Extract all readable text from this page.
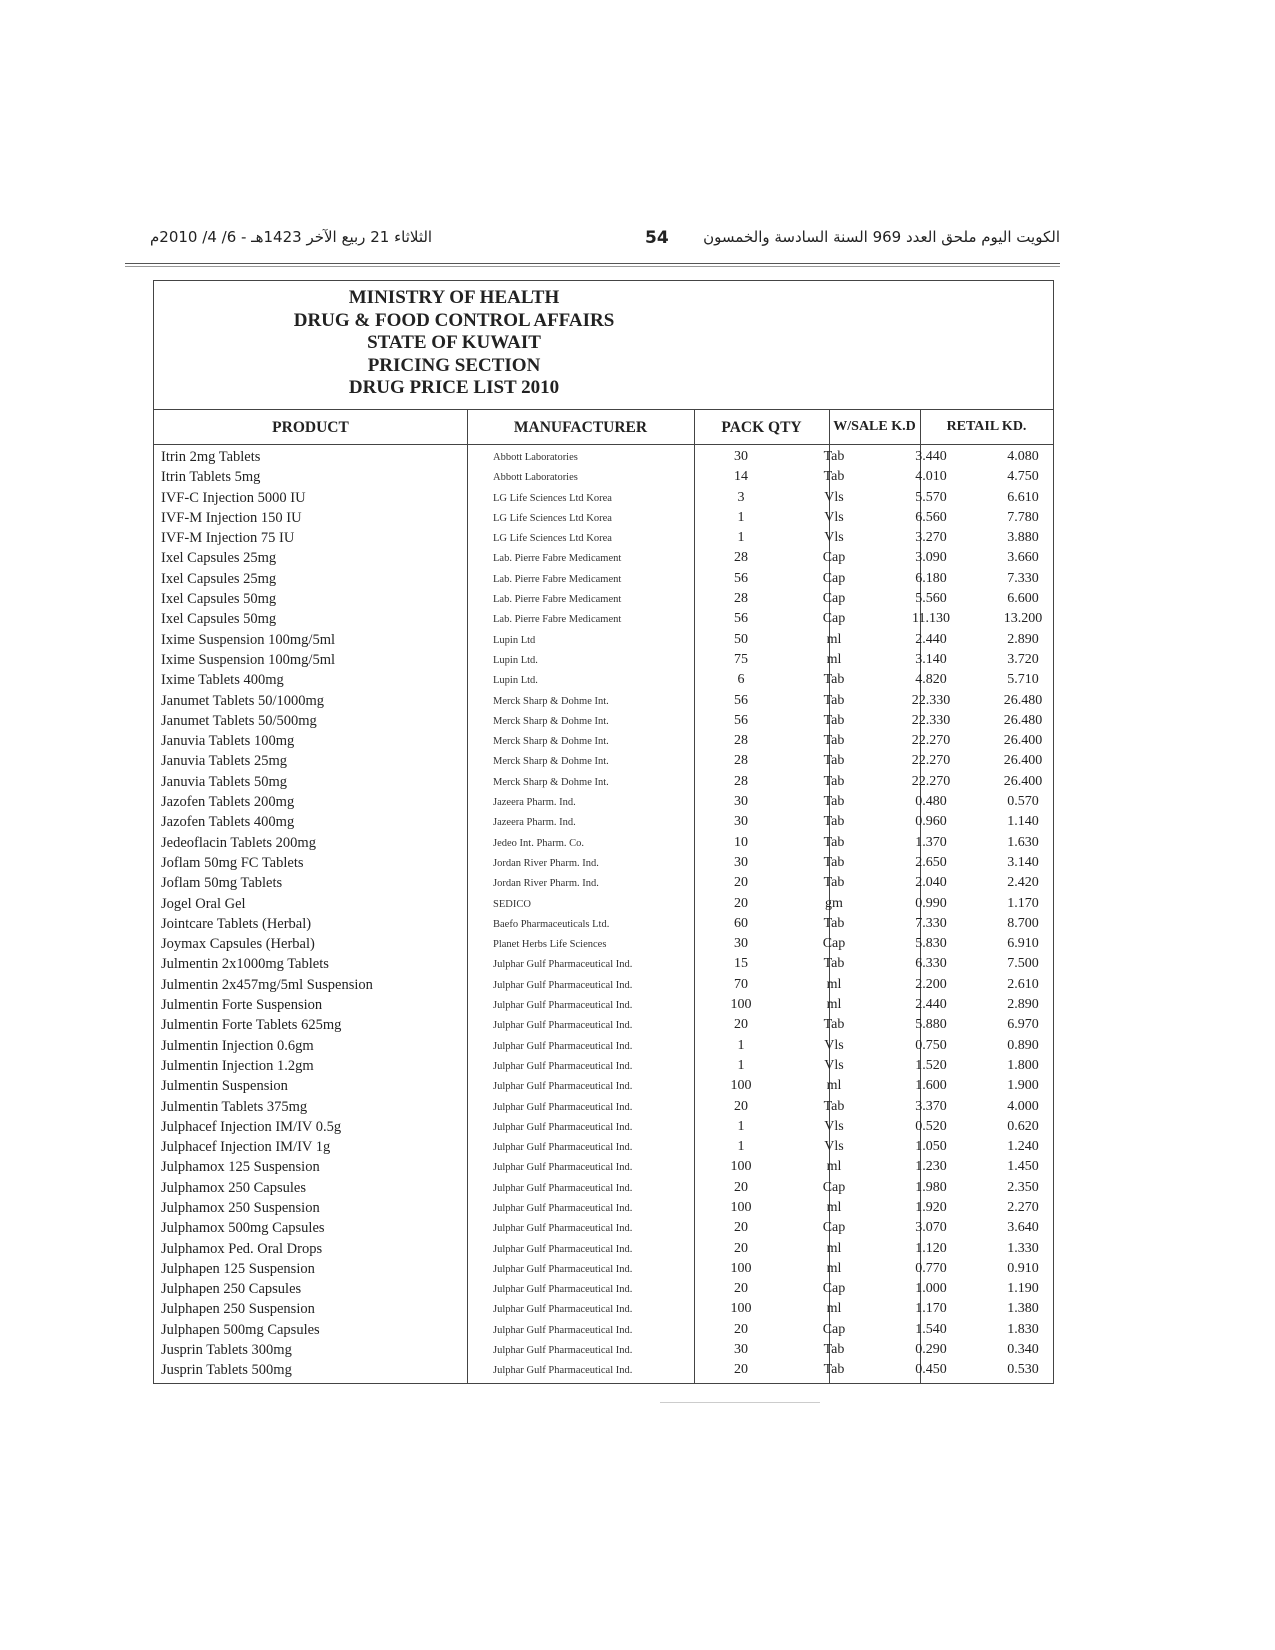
الثلاثاء 21 ربيع الآخر 1423هـ - 6/ 4/ 2010م	54 الكويت اليوم ملحق العدد 969 السنة السادسة والخمسون
MINISTRY OF HEALTH
DRUG & FOOD CONTROL AFFAIRS
STATE OF KUWAIT
PRICING SECTION
DRUG PRICE LIST 2010
PRODUCT	MANUFACTURER	PACK QTY	W/SALE K.D	RETAIL KD.
Itrin 2mg Tablets	Abbott Laboratories	30	Tab	3.440	4.080
Itrin Tablets 5mg	Abbott Laboratories	14	Tab	4.010	4.750
IVF-C Injection 5000 IU	LG Life Sciences Ltd Korea	3	Vls	5.570	6.610
IVF-M Injection 150 IU	LG Life Sciences Ltd Korea	1	Vls	6.560	7.780
IVF-M Injection 75 IU	LG Life Sciences Ltd Korea	1	Vls	3.270	3.880
Ixel Capsules 25mg	Lab. Pierre Fabre Medicament	28	Cap	3.090	3.660
Ixel Capsules 25mg	Lab. Pierre Fabre Medicament	56	Cap	6.180	7.330
Ixel Capsules 50mg	Lab. Pierre Fabre Medicament	28	Cap	5.560	6.600
Ixel Capsules 50mg	Lab. Pierre Fabre Medicament	56	Cap	11.130	13.200
Ixime Suspension 100mg/5ml	Lupin Ltd	50	ml	2.440	2.890
Ixime Suspension 100mg/5ml	Lupin Ltd.	75	ml	3.140	3.720
Ixime Tablets 400mg	Lupin Ltd.	6	Tab	4.820	5.710
Janumet Tablets 50/1000mg	Merck Sharp & Dohme Int.	56	Tab	22.330	26.480
Janumet Tablets 50/500mg	Merck Sharp & Dohme Int.	56	Tab	22.330	26.480
Januvia Tablets 100mg	Merck Sharp & Dohme Int.	28	Tab	22.270	26.400
Januvia Tablets 25mg	Merck Sharp & Dohme Int.	28	Tab	22.270	26.400
Januvia Tablets 50mg	Merck Sharp & Dohme Int.	28	Tab	22.270	26.400
Jazofen Tablets 200mg	Jazeera Pharm. Ind.	30	Tab	0.480	0.570
Jazofen Tablets 400mg	Jazeera Pharm. Ind.	30	Tab	0.960	1.140
Jedeoflacin Tablets 200mg	Jedeo Int. Pharm. Co.	10	Tab	1.370	1.630
Joflam 50mg FC Tablets	Jordan River Pharm. Ind.	30	Tab	2.650	3.140
Joflam 50mg Tablets	Jordan River Pharm. Ind.	20	Tab	2.040	2.420
Jogel Oral Gel	SEDICO	20	gm	0.990	1.170
Jointcare Tablets (Herbal)	Baefo Pharmaceuticals Ltd.	60	Tab	7.330	8.700
Joymax Capsules (Herbal)	Planet Herbs Life Sciences	30	Cap	5.830	6.910
Julmentin 2x1000mg Tablets	Julphar Gulf Pharmaceutical Ind.	15	Tab	6.330	7.500
Julmentin 2x457mg/5ml Suspension	Julphar Gulf Pharmaceutical Ind.	70	ml	2.200	2.610
Julmentin Forte Suspension	Julphar Gulf Pharmaceutical Ind.	100	ml	2.440	2.890
Julmentin Forte Tablets 625mg	Julphar Gulf Pharmaceutical Ind.	20	Tab	5.880	6.970
Julmentin Injection 0.6gm	Julphar Gulf Pharmaceutical Ind.	1	Vls	0.750	0.890
Julmentin Injection 1.2gm	Julphar Gulf Pharmaceutical Ind.	1	Vls	1.520	1.800
Julmentin Suspension	Julphar Gulf Pharmaceutical Ind.	100	ml	1.600	1.900
Julmentin Tablets 375mg	Julphar Gulf Pharmaceutical Ind.	20	Tab	3.370	4.000
Julphacef Injection IM/IV 0.5g	Julphar Gulf Pharmaceutical Ind.	1	Vls	0.520	0.620
Julphacef Injection IM/IV 1g	Julphar Gulf Pharmaceutical Ind.	1	Vls	1.050	1.240
Julphamox 125 Suspension	Julphar Gulf Pharmaceutical Ind.	100	ml	1.230	1.450
Julphamox 250 Capsules	Julphar Gulf Pharmaceutical Ind.	20	Cap	1.980	2.350
Julphamox 250 Suspension	Julphar Gulf Pharmaceutical Ind.	100	ml	1.920	2.270
Julphamox 500mg Capsules	Julphar Gulf Pharmaceutical Ind.	20	Cap	3.070	3.640
Julphamox Ped. Oral Drops	Julphar Gulf Pharmaceutical Ind.	20	ml	1.120	1.330
Julphapen 125 Suspension	Julphar Gulf Pharmaceutical Ind.	100	ml	0.770	0.910
Julphapen 250 Capsules	Julphar Gulf Pharmaceutical Ind.	20	Cap	1.000	1.190
Julphapen 250 Suspension	Julphar Gulf Pharmaceutical Ind.	100	ml	1.170	1.380
Julphapen 500mg Capsules	Julphar Gulf Pharmaceutical Ind.	20	Cap	1.540	1.830
Jusprin Tablets 300mg	Julphar Gulf Pharmaceutical Ind.	30	Tab	0.290	0.340
Jusprin Tablets 500mg	Julphar Gulf Pharmaceutical Ind.	20	Tab	0.450	0.530
